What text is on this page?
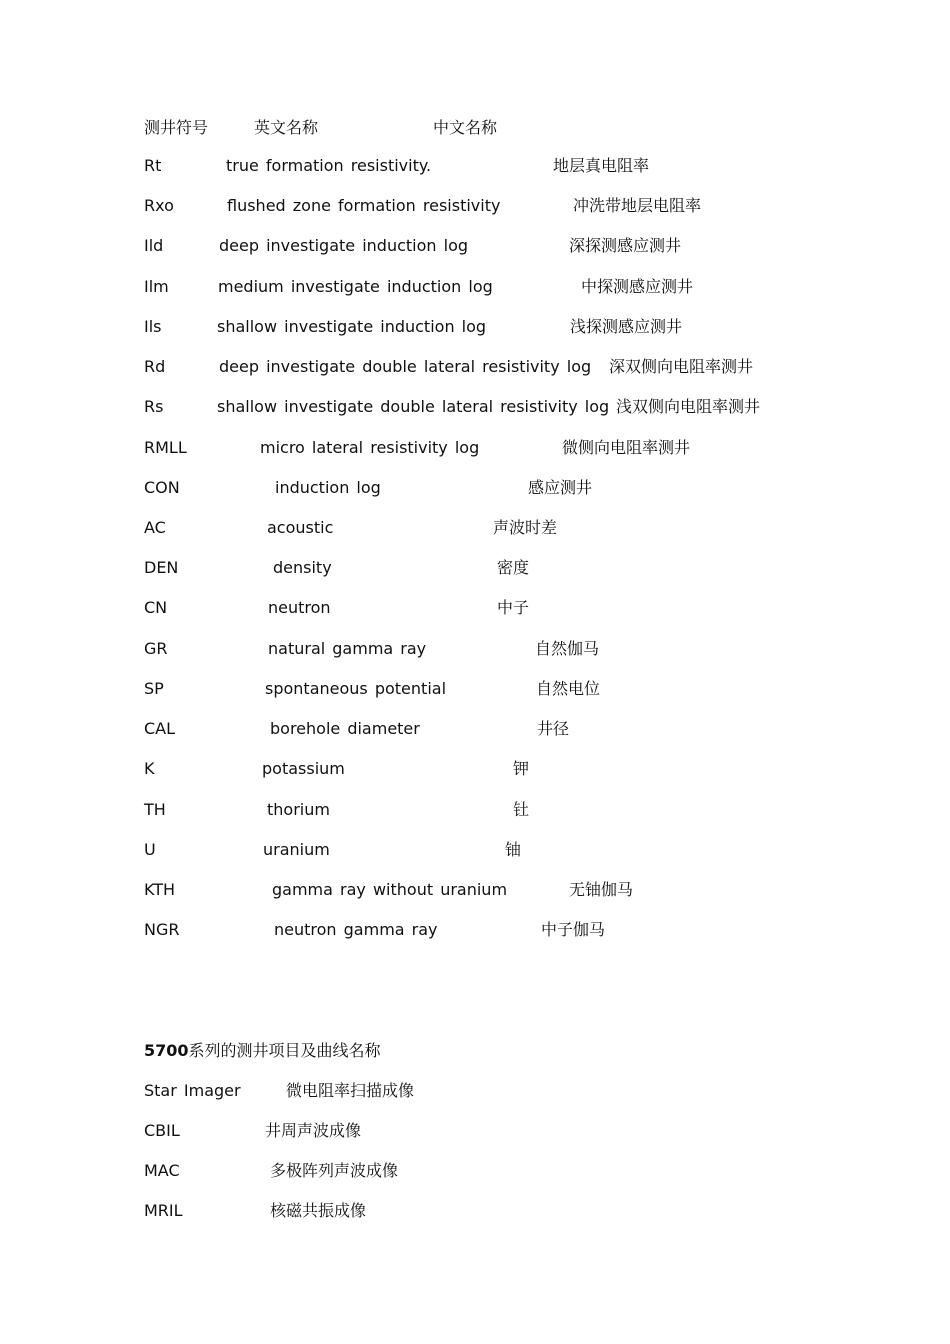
测井符号	英文名称	中文名称
Rt	true formation resistivity.	地层真电阻率
Rxo	flushed zone formation resistivity	冲洗带地层电阻率
Ild	deep investigate induction log	深探测感应测井
Ilm	medium investigate induction log	中探测感应测井
Ils	shallow investigate induction log	浅探测感应测井
Rd	deep investigate double lateral resistivity log 深双侧向电阻率测井
Rs	shallow investigate double lateral resistivity log 浅双侧向电阻率测井
RMLL	micro lateral resistivity log	微侧向电阻率测井
CON	induction log	感应测井
AC	acoustic	声波时差
DEN	density	密度
CN	neutron	中子
GR	natural gamma ray	自然伽马
SP	spontaneous potential	自然电位
CAL	borehole diameter	井径
K	potassium	钾
TH	thorium	钍
U	uranium	铀
KTH	gamma ray without uranium	无铀伽马
NGR	neutron gamma ray	中子伽马
5700系列的测井项目及曲线名称
Star Imager	微电阻率扫描成像
CBIL	井周声波成像
MAC	多极阵列声波成像
MRIL	核磁共振成像
